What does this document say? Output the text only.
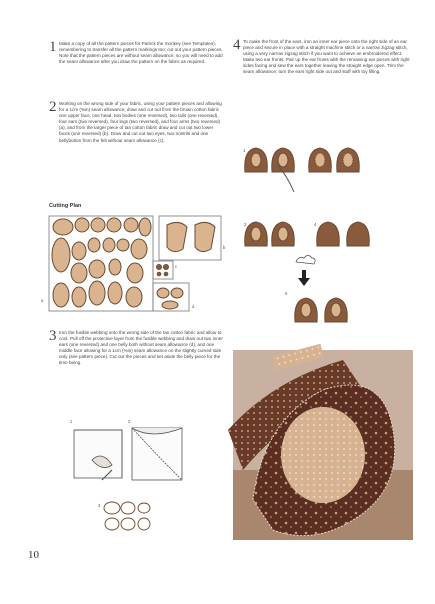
1 Make a copy of all the pattern pieces for Patrick the monkey (see Templates), remembering to transfer all the pattern markings too; cut out your pattern pieces. Note that the pattern pieces are without seam allowance, so you will need to add the seam allowance after you draw the pattern on the fabric as required.
2 Working on the wrong side of your fabric, using your pattern pieces and allowing for a 1cm (%in) seam allowance, draw and cut out from the brown cotton fabric one upper face, one head, two bodies (one reversed), two tails (one reversed), four ears (two reversed), four legs (two reversed), and four arms (two reversed) (a), and from the larger piece of tan cotton fabric draw and cut out two lower faces (one reversed) (b). Draw and cut out two eyes, two nostrils and one bellybutton from the felt without seam allowance (c).
Cutting Plan
a
b
c
d
3 Iron the fusible webbing onto the wrong side of the tan cotton fabric and allow to cool. Pull off the protective layer from the fusible webbing and draw out two inner ears (one reversed) and one belly both without seam allowance (d), and one middle face allowing for a 1cm (%in) seam allowance on the slightly curved side only (see pattern piece). Cut out the pieces and set aside the belly piece for the time being.
1	2
3
4 To make the front of the ears, iron an inner ear piece onto the right side of an ear piece and secure in place with a straight machine stitch or a narrow zigzag stitch, using a very narrow zigzag stitch if you want to achieve an embroidered effect. Make two ear fronts. Pair up the ear fronts with the remaining ear pieces with right sides facing and sew the ears together leaving the straight edge open. Trim the seam allowance; turn the ears right side out and stuff with toy filling.
1
3	4
5
10
